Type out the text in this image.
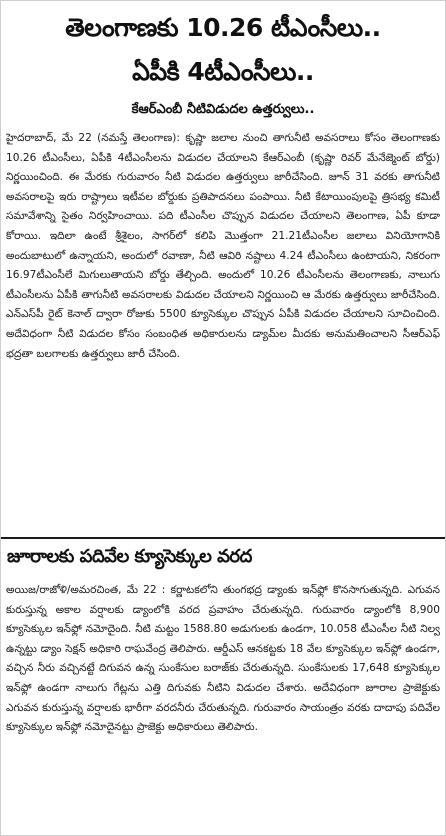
తెలంగాణకు 10.26 టీఎంసీలు..
ఏపీకి 4టీఎంసీలు..
కేఆర్ఎంబీ నీటివిడుదల ఉత్తర్వులు..

హైదరాబాద్, మే 22 (నమస్తే తెలంగాణ): కృష్ణా జలాల నుంచి తాగునీటి అవసరాలు కోసం తెలంగాణకు 10.26 టీఎంసీలు, ఏపీకి 4టీఎంసీలను విడుదల చేయాలని కేఆర్ఎంబీ (కృష్ణా రివర్ మేనేజ్మెంట్ బోర్డు) నిర్ణయించింది. ఈ మేరకు గురువారం నీటి విడుదల ఉత్తర్వులు జారీచేసింది. జూన్ 31 వరకు తాగునీటి అవసరాలపై ఇరు రాష్ట్రాలు ఇటీవల బోర్డుకు ప్రతిపాదనలు పంపాయి. నీటి కేటాయింపులపై త్రిసభ్య కమిటీ సమావేశాన్ని సైతం నిర్వహించాయి. పది టీఎంసీల చొప్పున విడుదల చేయాలని తెలంగాణ, ఏపీ కూడా కోరాయి. ఇదిలా ఉంటే శ్రీశైలం, సాగర్‌లో కలిపి మొత్తంగా 21.21టీఎంసీల జలాలు వినియోగానికి అందుబాటులో ఉన్నాయని, అందులో రవాణా, నీటి ఆవిరి నష్టాలు 4.24 టీఎంసీలు ఉంటాయని, నికరంగా 16.97టీఎంసీలే మిగులుతాయని బోర్డు తేల్చింది. అందులో 10.26 టీఎంసీలను తెలంగాణకు, నాలుగు టీఎంసీలను ఏపీకి తాగునీటి అవసరాలకు విడుదల చేయాలని నిర్ణయించి ఆ మేరకు ఉత్తర్వులు జారీచేసింది. ఎన్ఎస్‌పీ రైట్ కెనాల్ ద్వారా రోజుకు 5500 క్యూసెక్కుల చొప్పున ఏపీకి విడుదల చేయాలని సూచించింది. అదేవిధంగా నీటి విడుదల కోసం సంబంధిత అధికారులను డ్యామ్‌ల మీదకు అనుమతించాలని సీఆర్ఎఫ్ భద్రతా బలగాలకు ఉత్తర్వులు జారీ చేసింది.

జూరాలకు పదివేల క్యూసెక్కుల వరద

అయిజ/రాజోళి/అమరచింత, మే 22 : కర్ణాటకలోని తుంగభద్ర డ్యాంకు ఇన్‌ఫ్లో కొనసాగుతున్నది. ఎగువన కురుస్తున్న అకాల వర్షాలకు డ్యాంలోకి వరద ప్రవాహం చేరుతున్నది. గురువారం డ్యాంలోకి 8,900 క్యూసెక్కుల ఇన్‌ఫ్లో నమోదైంది. నీటి మట్టం 1588.80 అడుగులకు ఉండగా, 10.058 టీఎంసీల నీటి నిల్వ ఉన్నట్టు డ్యాం సెక్షన్ అధికారి రాఘవేంద్ర తెలిపారు. ఆర్డీఎస్ ఆనకట్టకు 18 వేల క్యూసెక్కుల ఇన్‌ఫ్లో ఉండగా, వచ్చిన నీరు వచ్చినట్టే దిగువన ఉన్న సుంకేసుల బరాజ్‌కు చేరుతున్నది. సుంకేసులకు 17,648 క్యూసెక్కుల ఇన్‌ఫ్లో ఉండగా నాలుగు గేట్లను ఎత్తి దిగువకు నీటిని విడుదల చేశారు. అదేవిధంగా జూరాల ప్రాజెక్టుకు ఎగువన కురుస్తున్న వర్షాలకు భారీగా వరదనీరు చేరుతున్నది. గురువారం సాయంత్రం వరకు దాదాపు పదివేల క్యూసెక్కుల ఇన్‌ఫ్లో నమోదైనట్టు ప్రాజెక్టు అధికారులు తెలిపారు.
